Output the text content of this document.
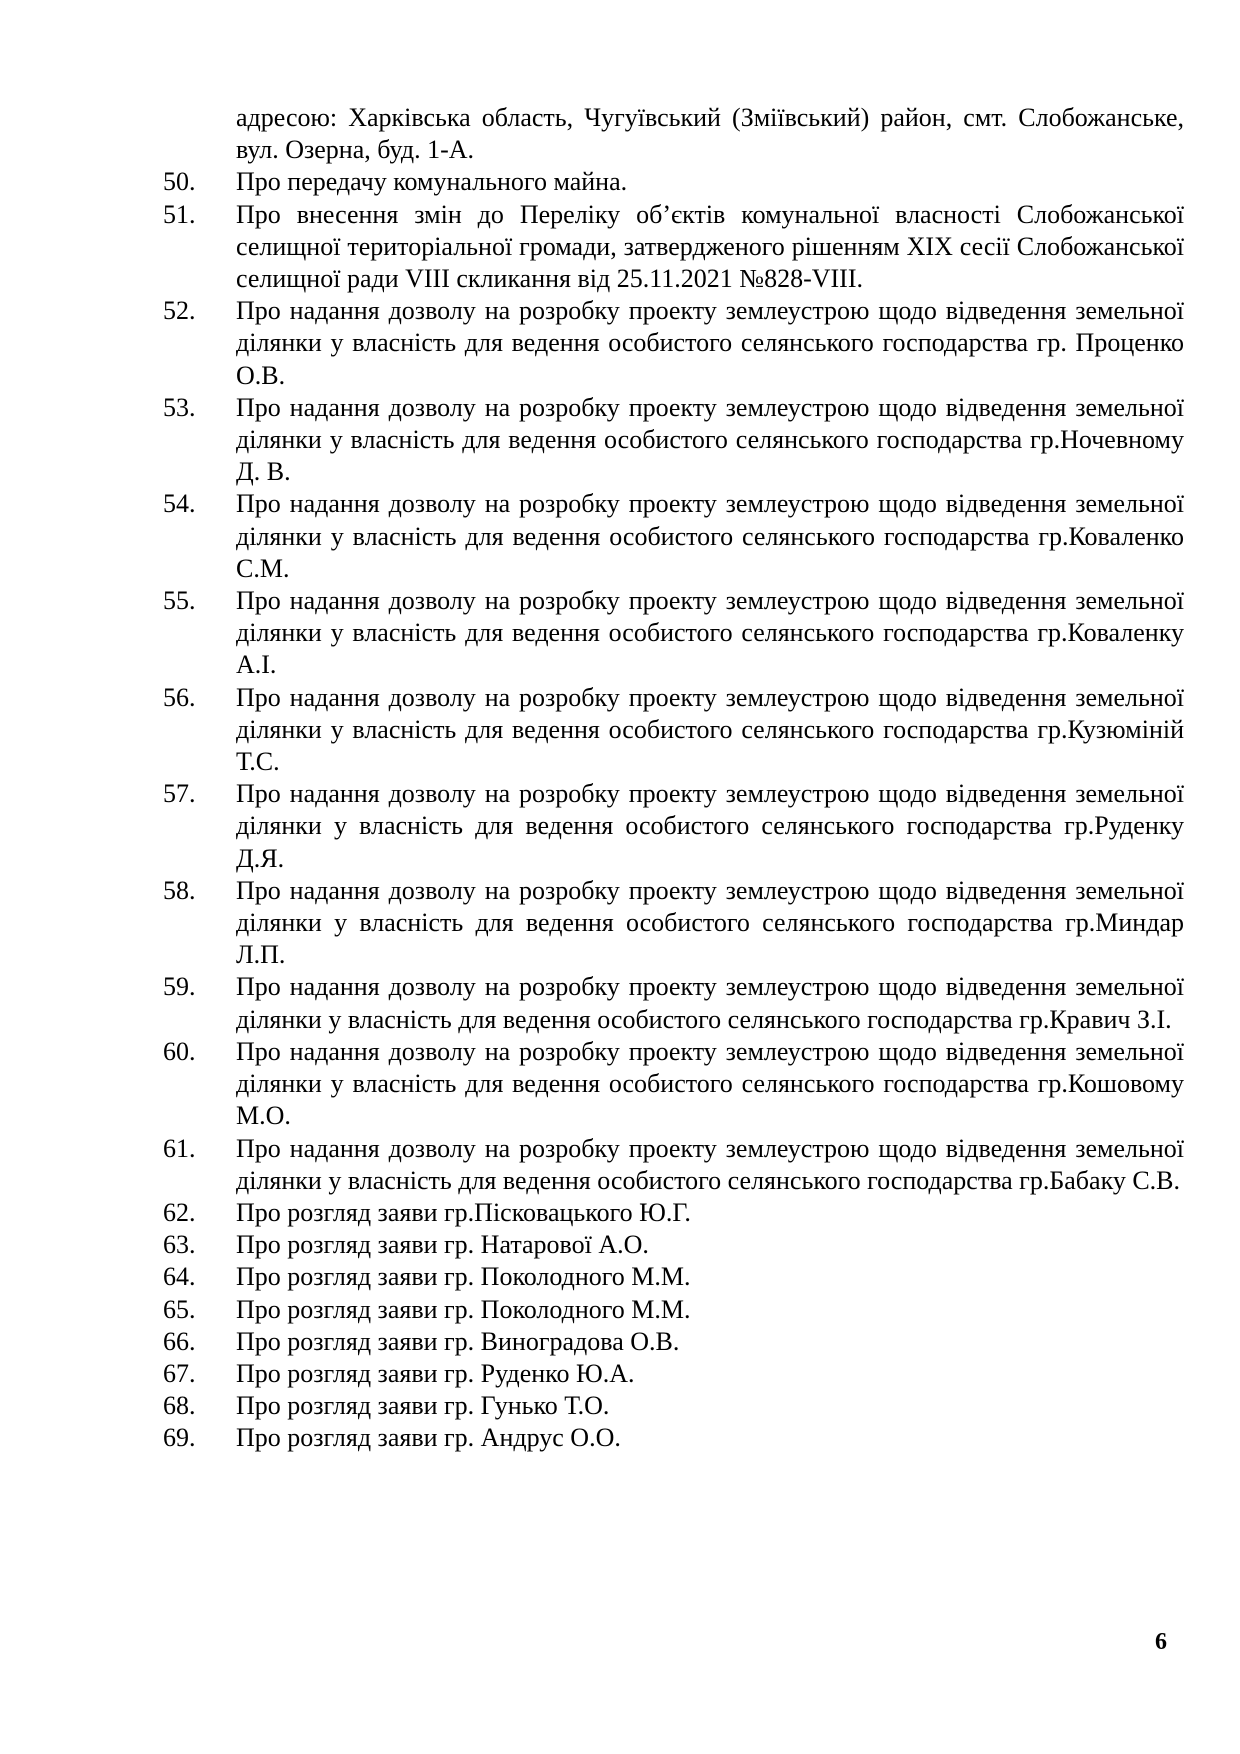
адресою: Харківська область, Чугуївський (Зміївський) район, смт. Слобожанське, вул. Озерна, буд. 1-А.
50. Про передачу комунального майна.
51. Про внесення змін до Переліку об’єктів комунальної власності Слобожанської селищної територіальної громади, затвердженого рішенням XIX сесії Слобожанської селищної ради VIII скликання від 25.11.2021 №828-VIII.
52. Про надання дозволу на розробку проекту землеустрою щодо відведення земельної ділянки у власність для ведення особистого селянського господарства гр. Проценко О.В.
53. Про надання дозволу на розробку проекту землеустрою щодо відведення земельної ділянки у власність для ведення особистого селянського господарства гр.Ночевному Д. В.
54. Про надання дозволу на розробку проекту землеустрою щодо відведення земельної ділянки у власність для ведення особистого селянського господарства гр.Коваленко С.М.
55. Про надання дозволу на розробку проекту землеустрою щодо відведення земельної ділянки у власність для ведення особистого селянського господарства гр.Коваленку А.І.
56. Про надання дозволу на розробку проекту землеустрою щодо відведення земельної ділянки у власність для ведення особистого селянського господарства гр.Кузюміній Т.С.
57. Про надання дозволу на розробку проекту землеустрою щодо відведення земельної ділянки у власність для ведення особистого селянського господарства гр.Руденку Д.Я.
58. Про надання дозволу на розробку проекту землеустрою щодо відведення земельної ділянки у власність для ведення особистого селянського господарства гр.Миндар Л.П.
59. Про надання дозволу на розробку проекту землеустрою щодо відведення земельної ділянки у власність для ведення особистого селянського господарства гр.Кравич З.І.
60. Про надання дозволу на розробку проекту землеустрою щодо відведення земельної ділянки у власність для ведення особистого селянського господарства гр.Кошовому М.О.
61. Про надання дозволу на розробку проекту землеустрою щодо відведення земельної ділянки у власність для ведення особистого селянського господарства гр.Бабаку С.В.
62. Про розгляд заяви гр.Пісковацького Ю.Г.
63. Про розгляд заяви гр. Натарової А.О.
64. Про розгляд заяви гр. Поколодного М.М.
65. Про розгляд заяви гр. Поколодного М.М.
66. Про розгляд заяви гр. Виноградова О.В.
67. Про розгляд заяви гр. Руденко Ю.А.
68. Про розгляд заяви гр. Гунько Т.О.
69. Про розгляд заяви гр. Андрус О.О.
6
